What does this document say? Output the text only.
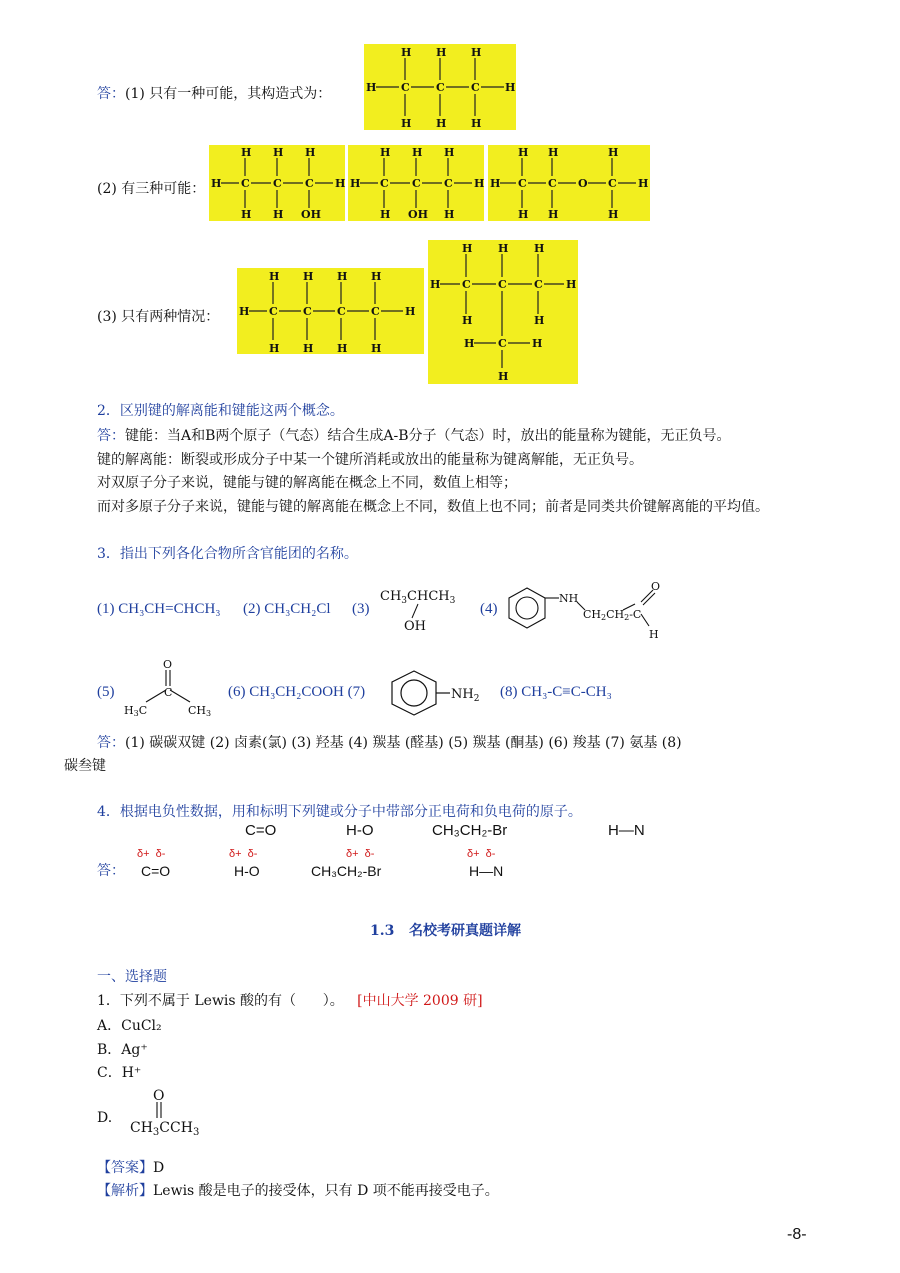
答：(1) 只有一种可能，其构造式为：	H C C C H
H H H
H H H
(2) 有三种可能： H C C C H
H H H
H H OH
H C C C H
H H H
H OH H
H C C O C H
H H	H
H H	H
(3) 只有两种情况： H C C C C H
H H H H
H H H H
H C C C H
H H H
H	H
H C H
H
2．区别键的解离能和键能这两个概念。
答：键能：当A和B两个原子（气态）结合生成A-B分子（气态）时，放出的能量称为键能，无正负号。
键的解离能：断裂或形成分子中某一个键所消耗或放出的能量称为键离解能，无正负号。
对双原子分子来说，键能与键的解离能在概念上不同，数值上相等；
而对多原子分子来说，键能与键的解离能在概念上不同，数值上也不同；前者是同类共价键解离能的平均值。
3．指出下列各化合物所含官能团的名称。
(1) CH₃CH=CHCH₃ (2) CH₃CH₂Cl (3)
$CH_3CHCH_3$
OH
(4)
NH
CH2CH2-C
O
H
(5)
O
C
H3C	CH3
(6) CH₃CH₂COOH (7)	$NH_2$ (8) CH₃-C≡C-CH₃
答：(1) 碳碳双键 (2) 卤素(氯) (3) 羟基 (4) 羰基 (醛基) (5) 羰基 (酮基) (6) 羧基 (7) 氨基 (8)
碳叁键
4．根据电负性数据，用和标明下列键或分子中带部分正电荷和负电荷的原子。
C=O	H-O	CH₃CH₂-Br	H—N
答：
δ+ δ-
C=O
δ+ δ-
H-O
δ+ δ-
CH₃CH₂-Br
δ+ δ-
H—N
1.3   名校考研真题详解
一、选择题
1．下列不属于 Lewis 酸的有（      ）。 [中山大学 2009 研]
A．CuCl₂
B．Ag⁺
C．H⁺
D.
O
$CH_3CCH_3$
【答案】D
【解析】Lewis 酸是电子的接受体，只有 D 项不能再接受电子。
-8-
